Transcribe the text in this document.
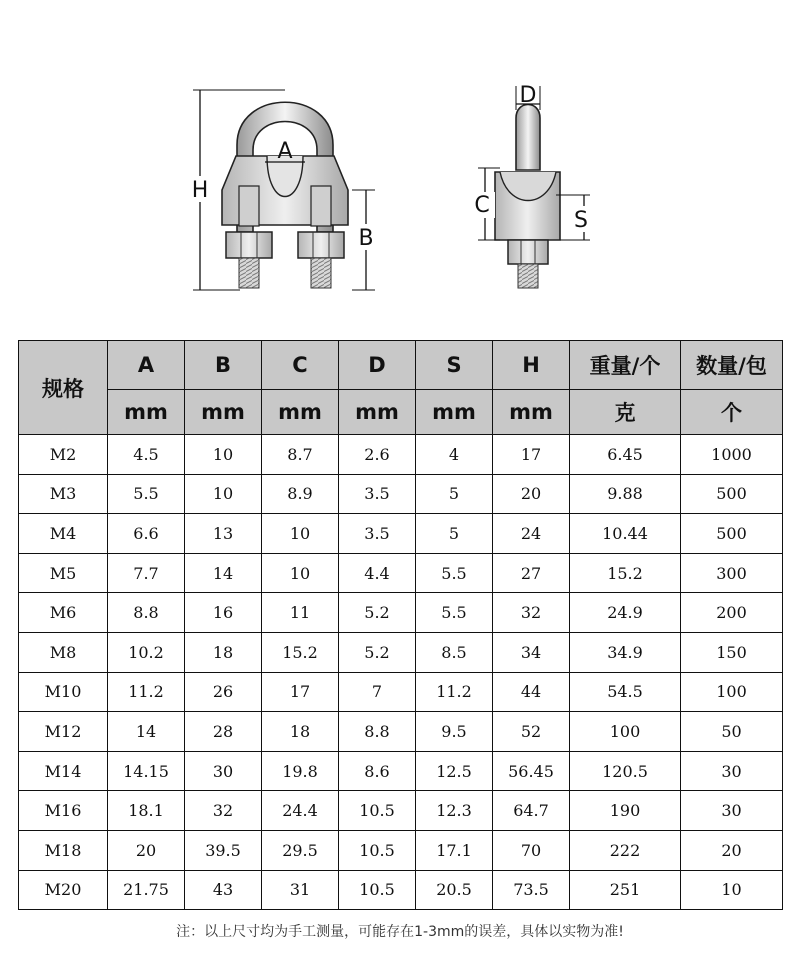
H
A
B
D
C
S
规格	A	B	C	D	S	H	重量/个	数量/包
	mm	mm	mm	mm	mm	mm	克	个
M2	4.5	10	8.7	2.6	4	17	6.45	1000
M3	5.5	10	8.9	3.5	5	20	9.88	500
M4	6.6	13	10	3.5	5	24	10.44	500
M5	7.7	14	10	4.4	5.5	27	15.2	300
M6	8.8	16	11	5.2	5.5	32	24.9	200
M8	10.2	18	15.2	5.2	8.5	34	34.9	150
M10	11.2	26	17	7	11.2	44	54.5	100
M12	14	28	18	8.8	9.5	52	100	50
M14	14.15	30	19.8	8.6	12.5	56.45	120.5	30
M16	18.1	32	24.4	10.5	12.3	64.7	190	30
M18	20	39.5	29.5	10.5	17.1	70	222	20
M20	21.75	43	31	10.5	20.5	73.5	251	10
注：以上尺寸均为手工测量，可能存在1-3mm的误差，具体以实物为准!
